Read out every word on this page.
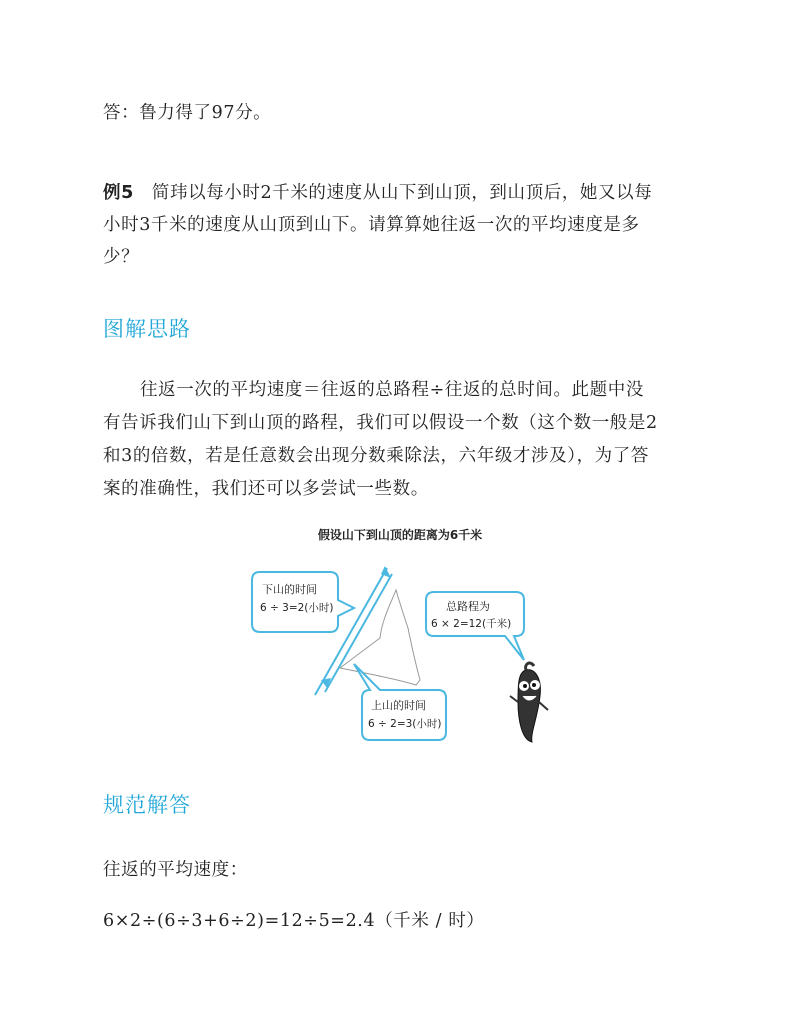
答：鲁力得了97分。
例5 简玮以每小时2千米的速度从山下到山顶，到山顶后，她又以每
小时3千米的速度从山顶到山下。请算算她往返一次的平均速度是多
少？
图解思路
往返一次的平均速度＝往返的总路程÷往返的总时间。此题中没
有告诉我们山下到山顶的路程，我们可以假设一个数（这个数一般是2
和3的倍数，若是任意数会出现分数乘除法，六年级才涉及），为了答
案的准确性，我们还可以多尝试一些数。
假设山下到山顶的距离为6千米
下山的时间
6 ÷ 3=2(小时)
上山的时间
6 ÷ 2=3(小时)
总路程为
6 × 2=12(千米)
规范解答
往返的平均速度：
6×2÷(6÷3+6÷2)=12÷5=2.4（千米 / 时）
